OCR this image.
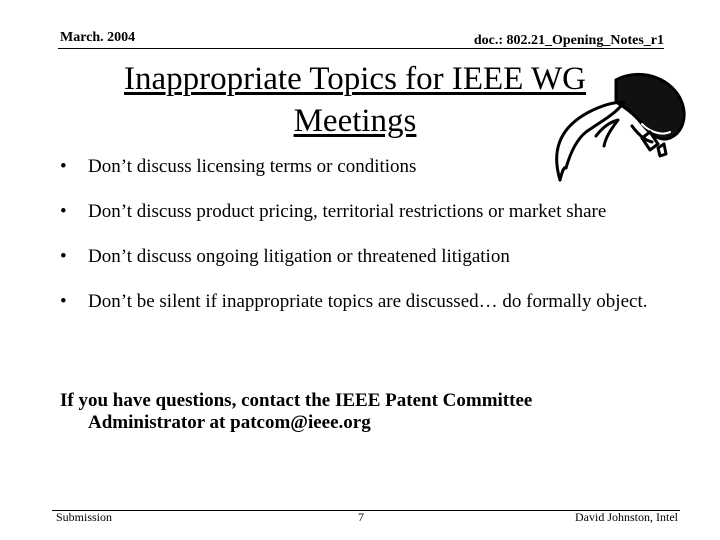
March. 2004	doc.: 802.21_Opening_Notes_r1
Inappropriate Topics for IEEE WG Meetings
• Don’t discuss licensing terms or conditions
• Don’t discuss product pricing, territorial restrictions or market share
• Don’t discuss ongoing litigation or threatened litigation
• Don’t be silent if inappropriate topics are discussed… do formally object.
If you have questions, contact the IEEE Patent Committee Administrator at patcom@ieee.org
Submission	7	David Johnston, Intel
